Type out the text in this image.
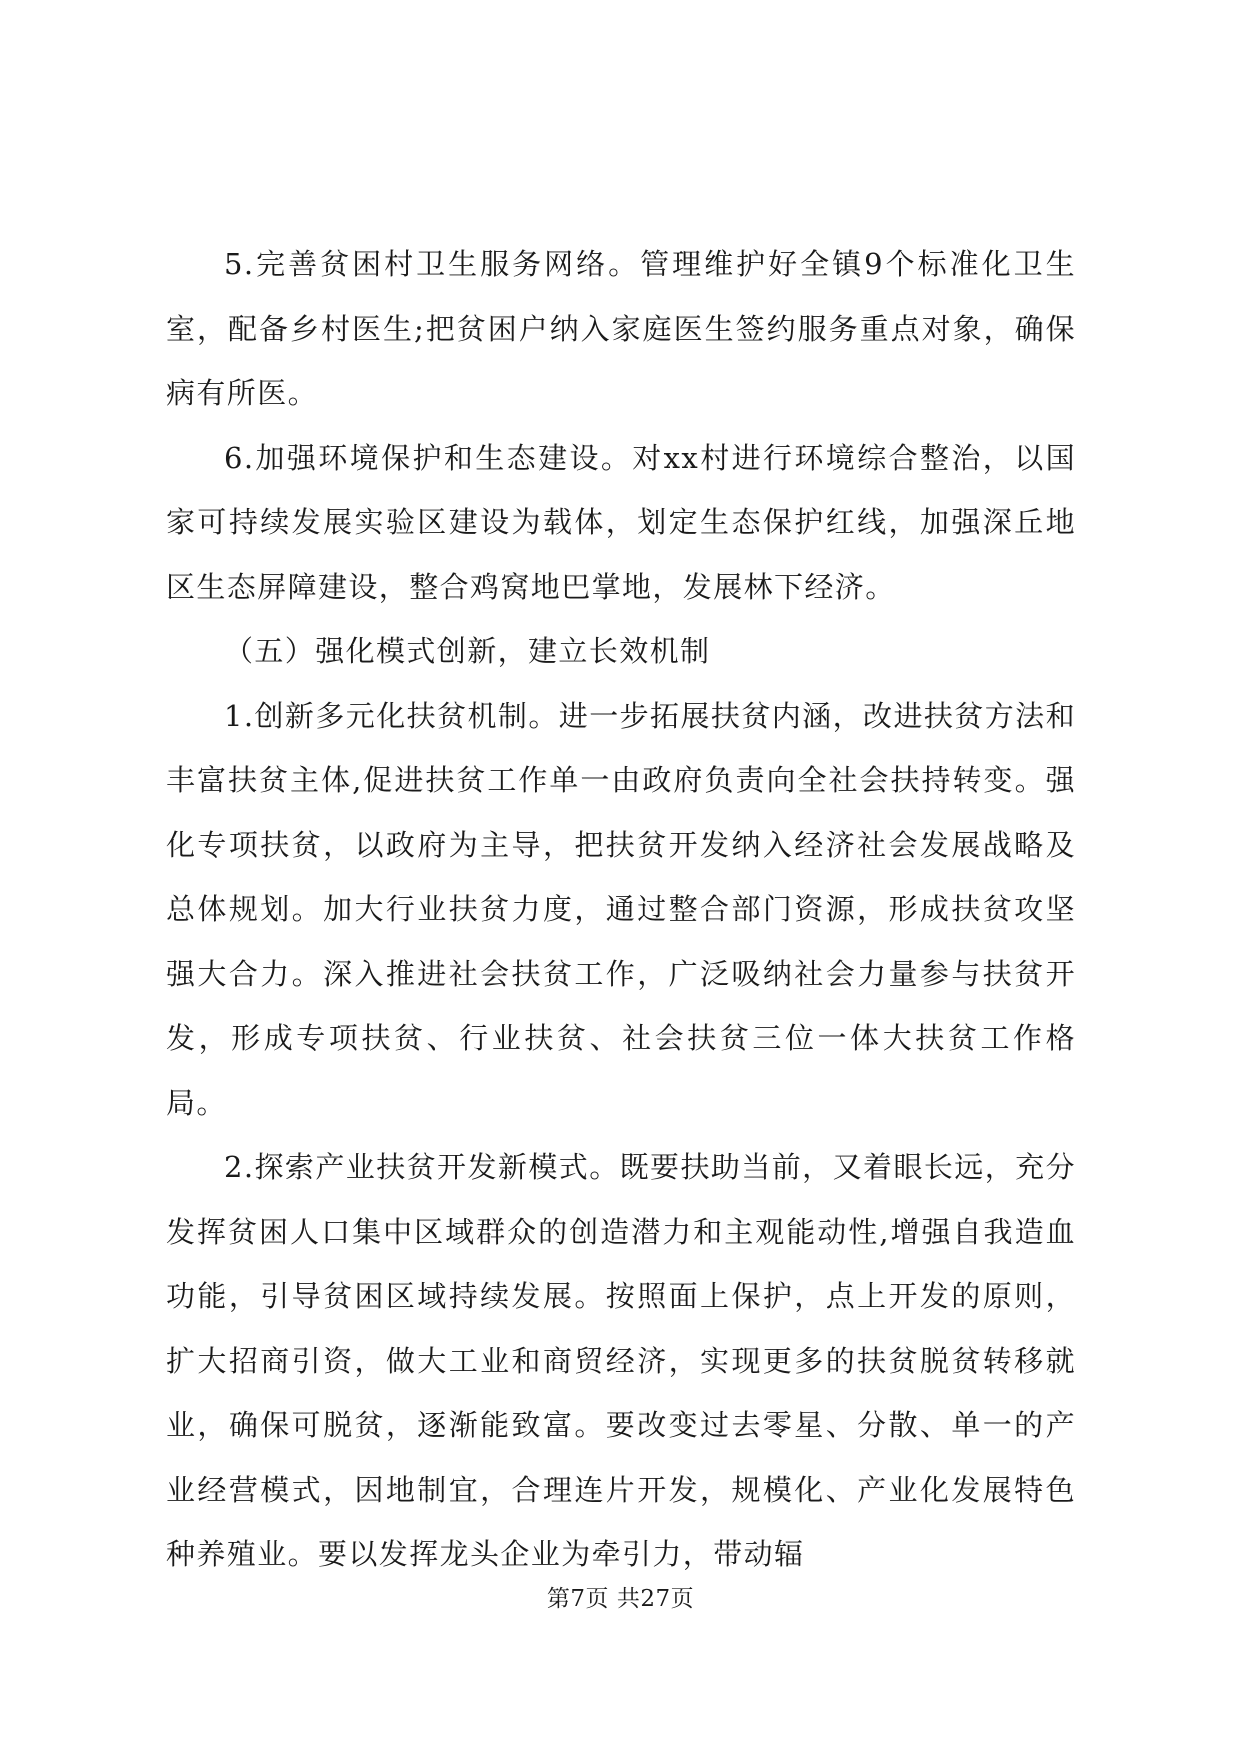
5.完善贫困村卫生服务网络。管理维护好全镇9个标准化卫生室，配备乡村医生;把贫困户纳入家庭医生签约服务重点对象，确保病有所医。

6.加强环境保护和生态建设。对xx村进行环境综合整治，以国家可持续发展实验区建设为载体，划定生态保护红线，加强深丘地区生态屏障建设，整合鸡窝地巴掌地，发展林下经济。

（五）强化模式创新，建立长效机制

1.创新多元化扶贫机制。进一步拓展扶贫内涵，改进扶贫方法和丰富扶贫主体,促进扶贫工作单一由政府负责向全社会扶持转变。强化专项扶贫，以政府为主导，把扶贫开发纳入经济社会发展战略及总体规划。加大行业扶贫力度，通过整合部门资源，形成扶贫攻坚强大合力。深入推进社会扶贫工作，广泛吸纳社会力量参与扶贫开发，形成专项扶贫、行业扶贫、社会扶贫三位一体大扶贫工作格局。

2.探索产业扶贫开发新模式。既要扶助当前，又着眼长远，充分发挥贫困人口集中区域群众的创造潜力和主观能动性,增强自我造血功能，引导贫困区域持续发展。按照面上保护，点上开发的原则，扩大招商引资，做大工业和商贸经济，实现更多的扶贫脱贫转移就业，确保可脱贫，逐渐能致富。要改变过去零星、分散、单一的产业经营模式，因地制宜，合理连片开发，规模化、产业化发展特色种养殖业。要以发挥龙头企业为牵引力，带动辐

第7页 共27页
